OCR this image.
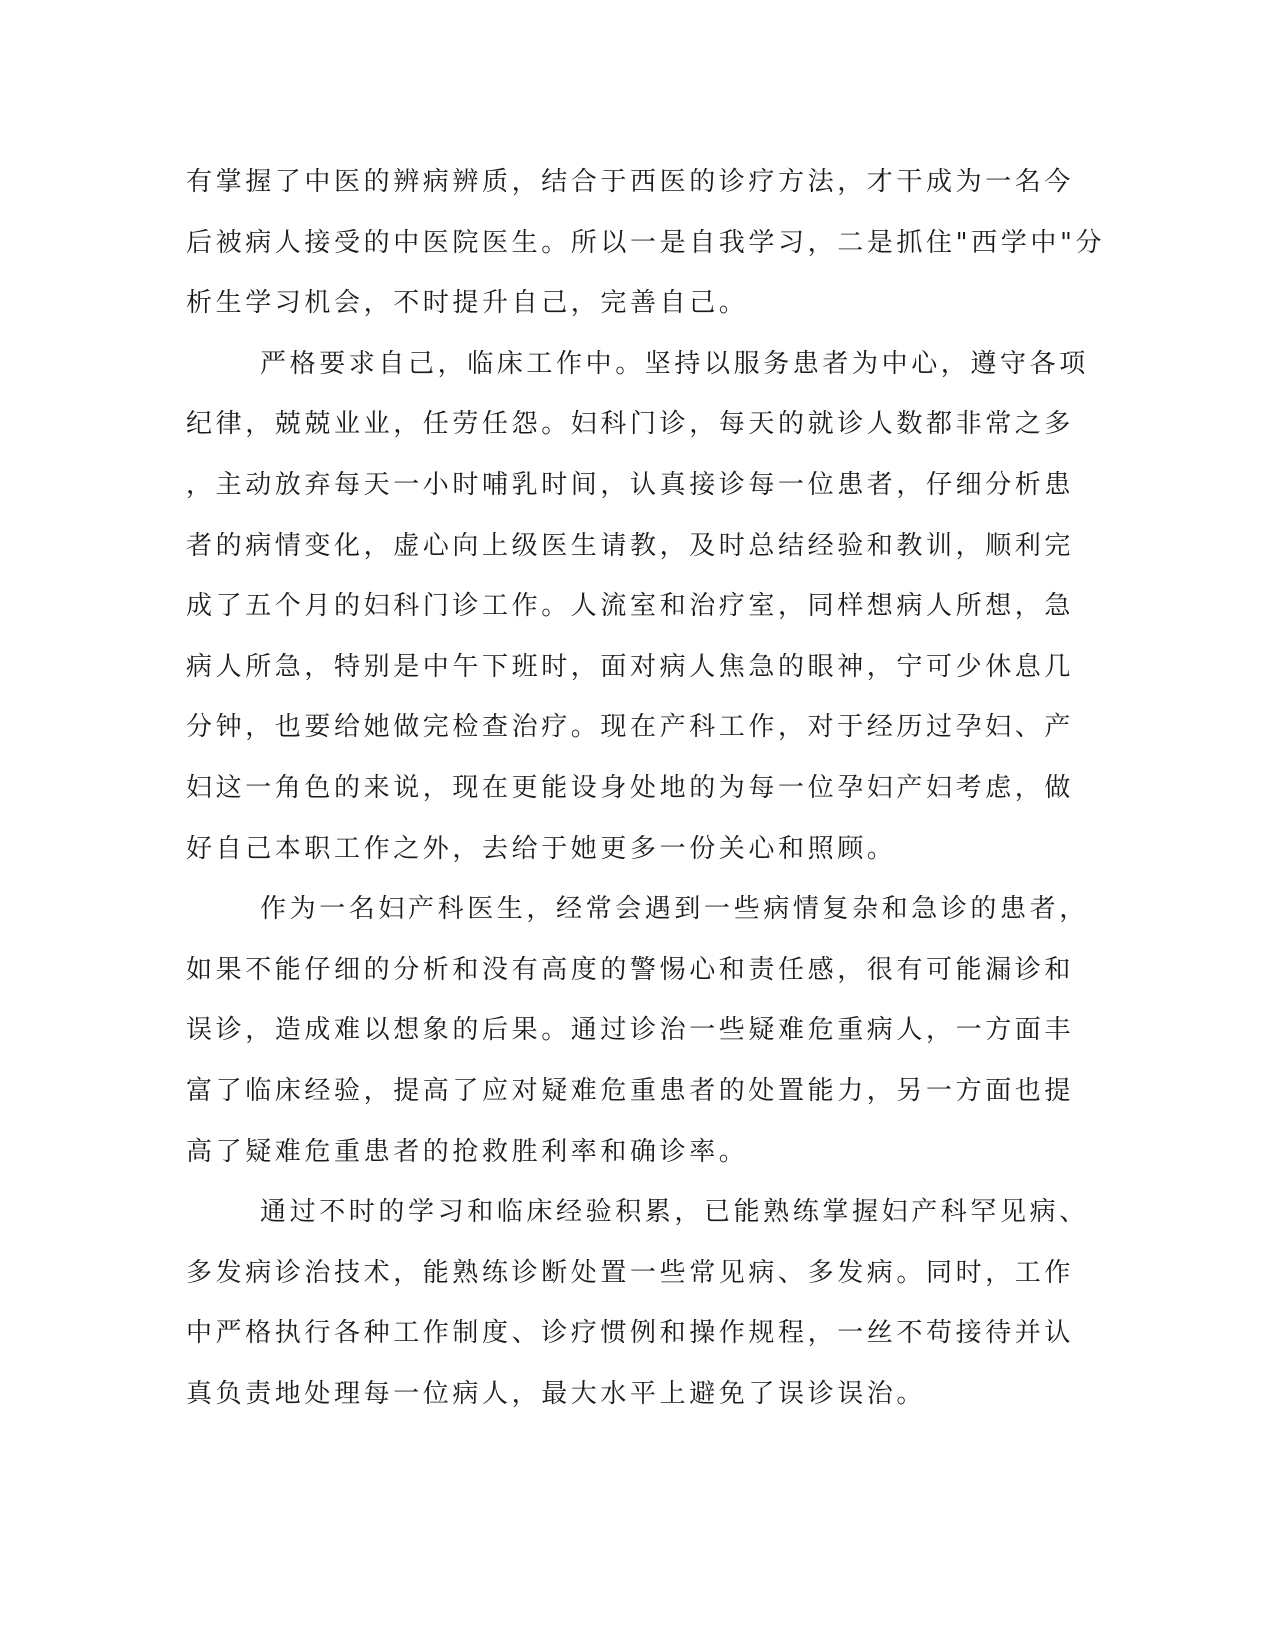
有掌握了中医的辨病辨质，结合于西医的诊疗方法，才干成为一名今
后被病人接受的中医院医生。所以一是自我学习，二是抓住"西学中"分
析生学习机会，不时提升自己，完善自己。
严格要求自己，临床工作中。坚持以服务患者为中心，遵守各项
纪律，兢兢业业，任劳任怨。妇科门诊，每天的就诊人数都非常之多
，主动放弃每天一小时哺乳时间，认真接诊每一位患者，仔细分析患
者的病情变化，虚心向上级医生请教，及时总结经验和教训，顺利完
成了五个月的妇科门诊工作。人流室和治疗室，同样想病人所想，急
病人所急，特别是中午下班时，面对病人焦急的眼神，宁可少休息几
分钟，也要给她做完检查治疗。现在产科工作，对于经历过孕妇、产
妇这一角色的来说，现在更能设身处地的为每一位孕妇产妇考虑，做
好自己本职工作之外，去给于她更多一份关心和照顾。
作为一名妇产科医生，经常会遇到一些病情复杂和急诊的患者，
如果不能仔细的分析和没有高度的警惕心和责任感，很有可能漏诊和
误诊，造成难以想象的后果。通过诊治一些疑难危重病人，一方面丰
富了临床经验，提高了应对疑难危重患者的处置能力，另一方面也提
高了疑难危重患者的抢救胜利率和确诊率。
通过不时的学习和临床经验积累，已能熟练掌握妇产科罕见病、
多发病诊治技术，能熟练诊断处置一些常见病、多发病。同时，工作
中严格执行各种工作制度、诊疗惯例和操作规程，一丝不苟接待并认
真负责地处理每一位病人，最大水平上避免了误诊误治。
